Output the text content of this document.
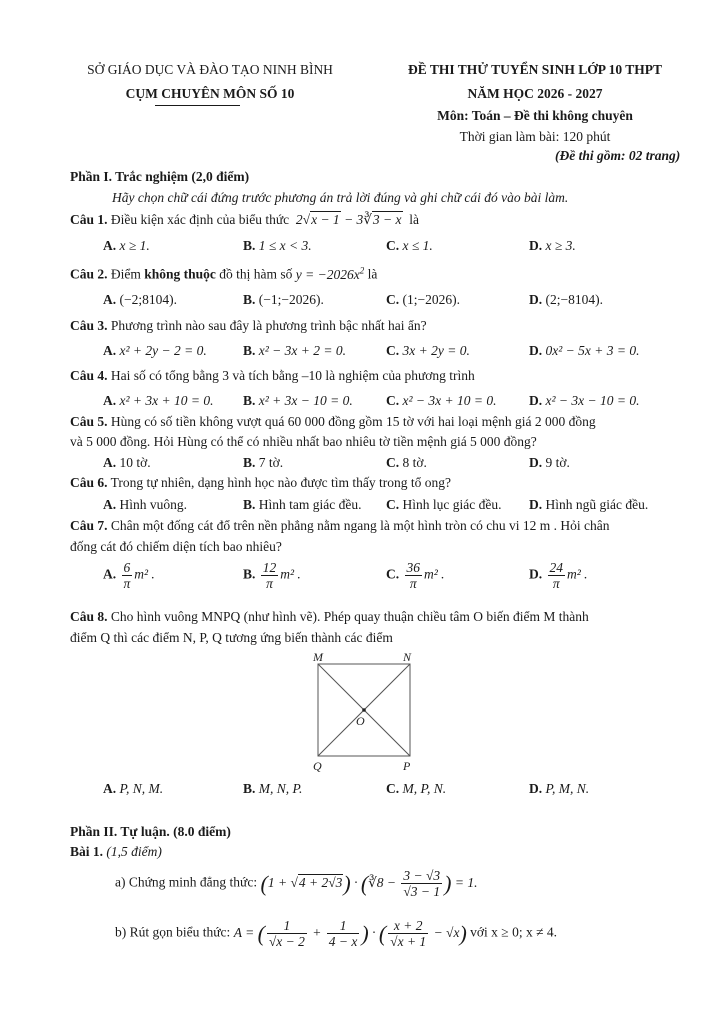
SỞ GIÁO DỤC VÀ ĐÀO TẠO NINH BÌNH
CỤM CHUYÊN MÔN SỐ 10
ĐỀ THI THỬ TUYỂN SINH LỚP 10 THPT
NĂM HỌC 2026 - 2027
Môn: Toán – Đề thi không chuyên
Thời gian làm bài: 120 phút
(Đề thi gồm: 02 trang)
Phần I. Trắc nghiệm (2,0 điểm)
Hãy chọn chữ cái đứng trước phương án trả lời đúng và ghi chữ cái đó vào bài làm.
Câu 1. Điều kiện xác định của biểu thức  2√x − 1 − 3∛3 − x là
A. x ≥ 1.	B. 1 ≤ x < 3.	C. x ≤ 1.	D. x ≥ 3.
Câu 2. Điểm không thuộc đồ thị hàm số $y = -2026x^2$ là
A. (−2;8104).	B. (−1;−2026).	C. (1;−2026).	D. (2;−8104).
Câu 3. Phương trình nào sau đây là phương trình bậc nhất hai ẩn?
A. x² + 2y − 2 = 0.	B. x² − 3x + 2 = 0.	C. 3x + 2y = 0.	D. 0x² − 5x + 3 = 0.
Câu 4. Hai số có tổng bằng 3 và tích bằng –10 là nghiệm của phương trình
A. x² + 3x + 10 = 0. B. x² + 3x − 10 = 0. C. x² − 3x + 10 = 0. D. x² − 3x − 10 = 0.
Câu 5. Hùng có số tiền không vượt quá 60 000 đồng gồm 15 tờ với hai loại mệnh giá 2 000 đồng
và 5 000 đồng. Hỏi Hùng có thể có nhiều nhất bao nhiêu tờ tiền mệnh giá 5 000 đồng?
A. 10 tờ.	B. 7 tờ.	C. 8 tờ.	D. 9 tờ.
Câu 6. Trong tự nhiên, dạng hình học nào được tìm thấy trong tổ ong?
A. Hình vuông.	B. Hình tam giác đều. C. Hình lục giác đều. D. Hình ngũ giác đều.
Câu 7. Chân một đống cát đổ trên nền phẳng nằm ngang là một hình tròn có chu vi 12 m . Hỏi chân
đống cát đó chiếm diện tích bao nhiêu?
A. $\frac{6}{\pi} m^2$ .	B. $\frac{12}{\pi} m^2$ .	C. $\frac{36}{\pi} m^2$ .	D. $\frac{24}{\pi} m^2$ .
Câu 8. Cho hình vuông MNPQ (như hình vẽ). Phép quay thuận chiều tâm O biến điểm M thành
điểm Q thì các điểm N, P, Q tương ứng biến thành các điểm
M	N
O
Q	P
A. P, N, M.	B. M, N, P.	C. M, P, N.	D. P, M, N.
Phần II. Tự luận. (8.0 điểm)
Bài 1. (1,5 điểm)
a) Chứng minh đẳng thức: (1 + √4 + 2√3) · (∛8 − $\frac{3 - √3}{√3 - 1}$ ) = 1.
b) Rút gọn biểu thức: A = ( $\frac{1}{√x - 2} + \frac{1}{4 - x}$ ) · ( $\frac{x + 2}{√x + 1} - √x$) với x ≥ 0; x ≠ 4.
